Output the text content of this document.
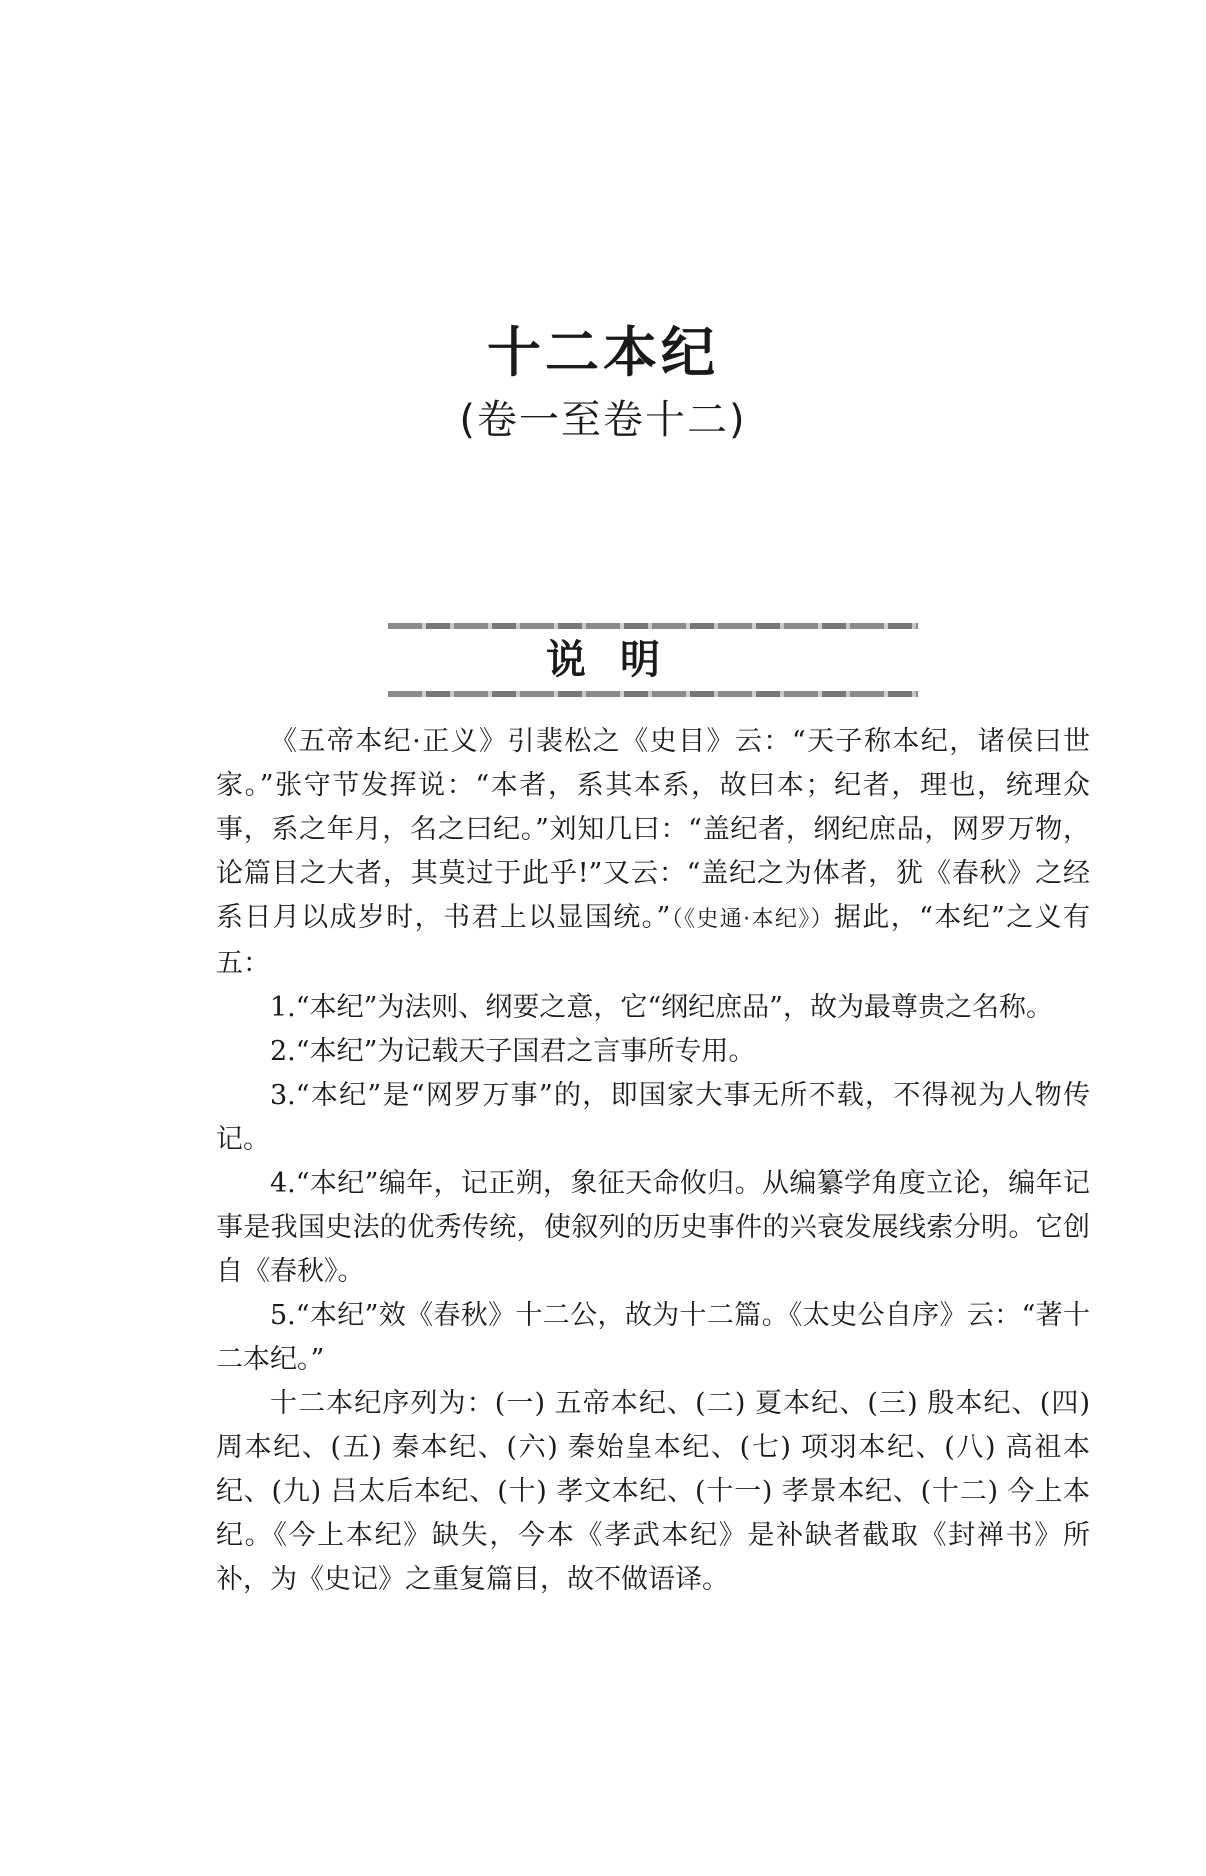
十二本纪
(卷一至卷十二)
说明

《五帝本纪·正义》引裴松之《史目》云：“天子称本纪，诸侯曰世家。”张守节发挥说：“本者，系其本系，故曰本；纪者，理也，统理众事，系之年月，名之曰纪。”刘知几曰：“盖纪者，纲纪庶品，网罗万物，论篇目之大者，其莫过于此乎!”又云：“盖纪之为体者，犹《春秋》之经系日月以成岁时，书君上以显国统。”（《史通·本纪》）据此，“本纪”之义有五：

1.“本纪”为法则、纲要之意，它“纲纪庶品”，故为最尊贵之名称。

2.“本纪”为记载天子国君之言事所专用。

3.“本纪”是“网罗万事”的，即国家大事无所不载，不得视为人物传记。

4.“本纪”编年，记正朔，象征天命攸归。从编纂学角度立论，编年记事是我国史法的优秀传统，使叙列的历史事件的兴衰发展线索分明。它创自《春秋》。

5.“本纪”效《春秋》十二公，故为十二篇。《太史公自序》云：“著十二本纪。”

十二本纪序列为：(一) 五帝本纪、(二) 夏本纪、(三) 殷本纪、(四) 周本纪、(五) 秦本纪、(六) 秦始皇本纪、(七) 项羽本纪、(八) 高祖本纪、(九) 吕太后本纪、(十) 孝文本纪、(十一) 孝景本纪、(十二) 今上本纪。《今上本纪》缺失，今本《孝武本纪》是补缺者截取《封禅书》所补，为《史记》之重复篇目，故不做语译。
